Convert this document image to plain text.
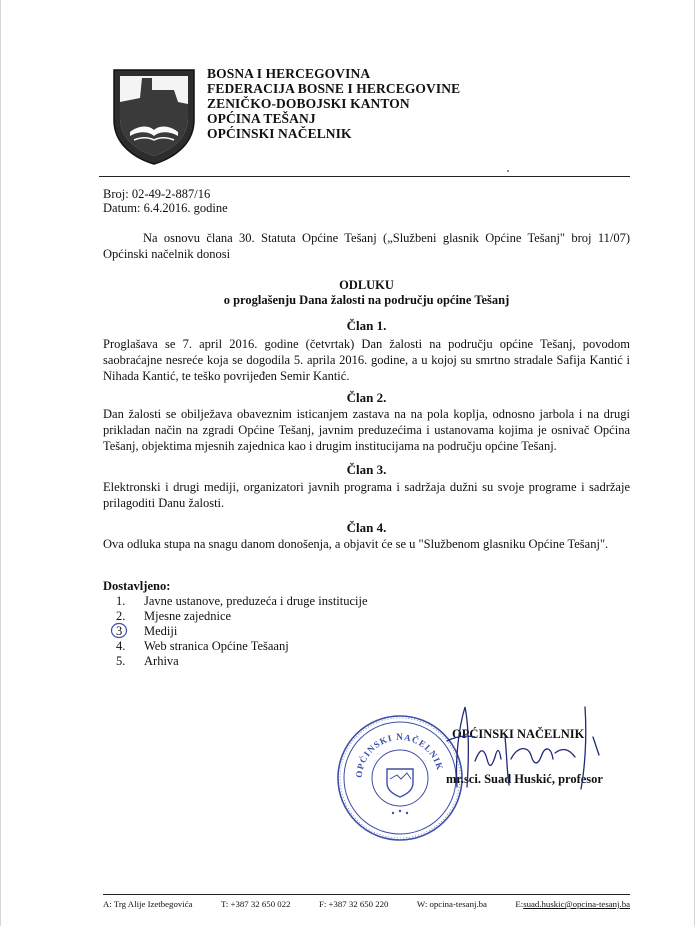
BOSNA I HERCEGOVINA
FEDERACIJA BOSNE I HERCEGOVINE
ZENIČKO-DOBOJSKI KANTON
OPĆINA TEŠANJ
OPĆINSKI NAČELNIK
Broj: 02-49-2-887/16
Datum: 6.4.2016. godine
Na osnovu člana 30. Statuta Općine Tešanj („Službeni glasnik Općine Tešanj" broj 11/07) Općinski načelnik donosi
ODLUKU
o proglašenju Dana žalosti na području općine Tešanj
Član 1.
Proglašava se 7. april 2016. godine (četvrtak) Dan žalosti na području općine Tešanj, povodom saobraćajne nesreće koja se dogodila 5. aprila 2016. godine, a u kojoj su smrtno stradale Safija Kantić i Nihada Kantić, te teško povrijeđen Semir Kantić.
Član 2.
Dan žalosti se obilježava obaveznim isticanjem zastava na na pola koplja, odnosno jarbola i na drugi prikladan način na zgradi Općine Tešanj, javnim preduzećima i ustanovama kojima je osnivač Općina Tešanj, objektima mjesnih zajednica kao i drugim institucijama na području općine Tešanj.
Član 3.
Elektronski i drugi mediji, organizatori javnih programa i sadržaja dužni su svoje programe i sadržaje prilagoditi Danu žalosti.
Član 4.
Ova odluka stupa na snagu danom donošenja, a objavit će se u "Službenom glasniku Općine Tešanj".
Dostavljeno:
1.	Javne ustanove, preduzeća i druge institucije
2.	Mjesne zajednice
3	Mediji
4.	Web stranica Općine Tešaanj
5.	Arhiva
OPĆINSKI NAČELNIK
OPĆINSKI NAČELNIK
mr.sci. Suad Huskić, profesor
A: Trg Alije Izetbegovića	T: +387 32 650 022	F: +387 32 650 220	W: opcina-tesanj.ba	E:suad.huskic@opcina-tesanj.ba
